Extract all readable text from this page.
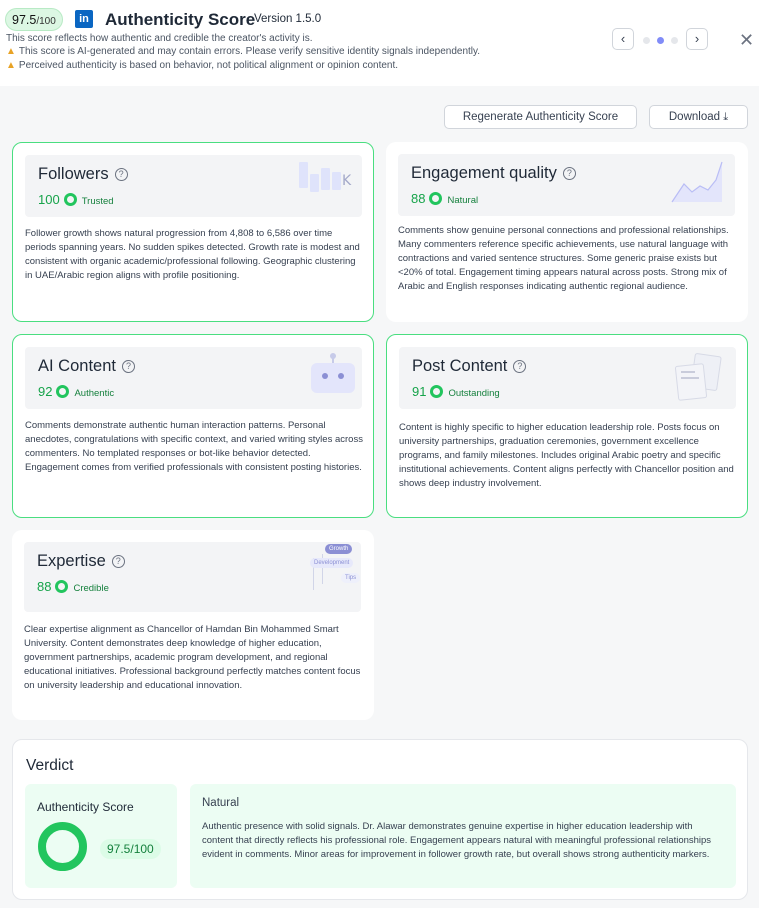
97.5/100	in Authenticity Score
Version 1.5.0
This score reflects how authentic and credible the creator's activity is.
▲ This score is AI-generated and may contain errors. Please verify sensitive identity signals independently.
▲ Perceived authenticity is based on behavior, not political alignment or opinion content.
‹	›	✕
Regenerate Authenticity Score	Download ⤓
Followers ?
100 Trusted
K
Follower growth shows natural progression from 4,808 to 6,586 over time periods spanning years. No sudden spikes detected. Growth rate is modest and consistent with organic academic/professional following. Geographic clustering in UAE/Arabic region aligns with profile positioning.
Engagement quality ?
88 Natural
Comments show genuine personal connections and professional relationships. Many commenters reference specific achievements, use natural language with contractions and varied sentence structures. Some generic praise exists but <20% of total. Engagement timing appears natural across posts. Strong mix of Arabic and English responses indicating authentic regional audience.
AI Content ?
92 Authentic
Comments demonstrate authentic human interaction patterns. Personal anecdotes, congratulations with specific context, and varied writing styles across commenters. No templated responses or bot-like behavior detected. Engagement comes from verified professionals with consistent posting histories.
Post Content ?
91 Outstanding
Content is highly specific to higher education leadership role. Posts focus on university partnerships, graduation ceremonies, government excellence programs, and family milestones. Includes original Arabic poetry and specific institutional achievements. Content aligns perfectly with Chancellor position and shows deep industry involvement.
Expertise ?
88 Credible
Growth
Development
Tips
Clear expertise alignment as Chancellor of Hamdan Bin Mohammed Smart University. Content demonstrates deep knowledge of higher education, government partnerships, academic program development, and regional educational initiatives. Professional background perfectly matches content focus on university leadership and educational innovation.
Verdict
Authenticity Score
97.5/100
Natural
Authentic presence with solid signals. Dr. Alawar demonstrates genuine expertise in higher education leadership with content that directly reflects his professional role. Engagement appears natural with meaningful professional relationships evident in comments. Minor areas for improvement in follower growth rate, but overall shows strong authenticity markers.
